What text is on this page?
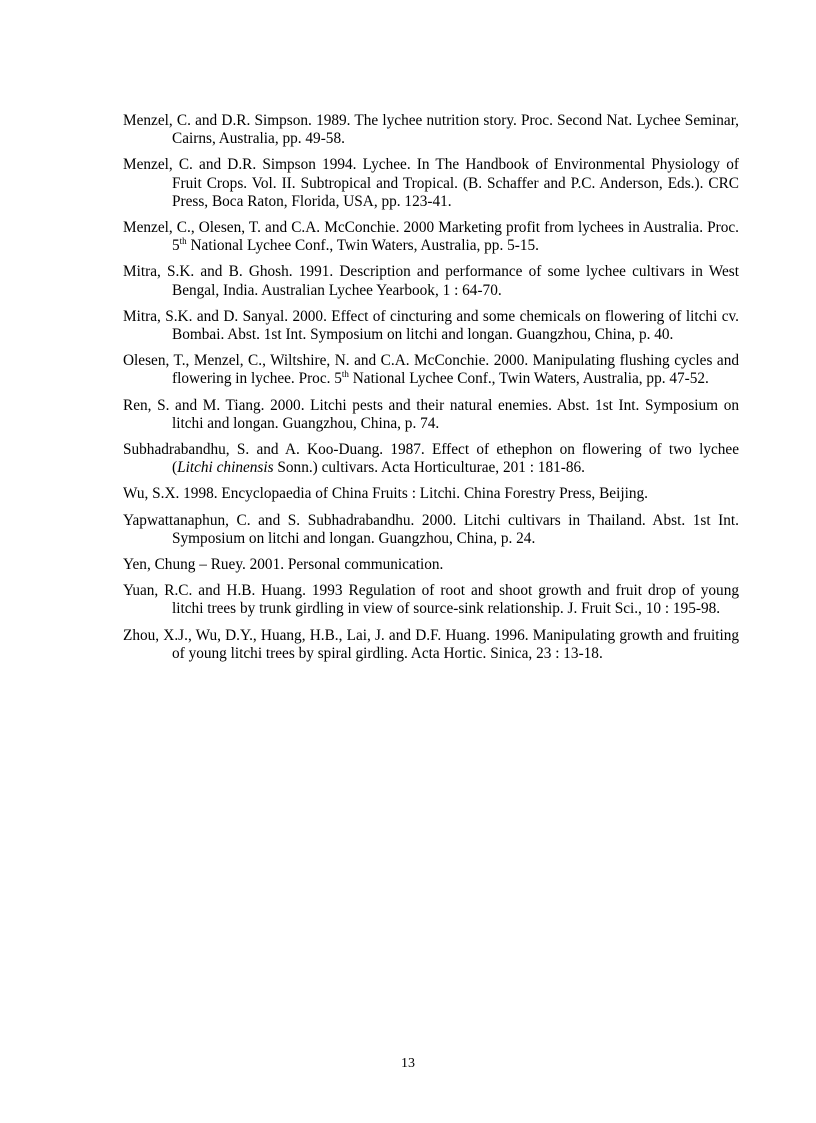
Menzel, C. and D.R. Simpson. 1989. The lychee nutrition story. Proc. Second Nat. Lychee Seminar, Cairns, Australia, pp. 49-58.
Menzel, C. and D.R. Simpson 1994. Lychee. In The Handbook of Environmental Physiology of Fruit Crops. Vol. II. Subtropical and Tropical. (B. Schaffer and P.C. Anderson, Eds.). CRC Press, Boca Raton, Florida, USA, pp. 123-41.
Menzel, C., Olesen, T. and C.A. McConchie. 2000 Marketing profit from lychees in Australia. Proc. 5th National Lychee Conf., Twin Waters, Australia, pp. 5-15.
Mitra, S.K. and B. Ghosh. 1991. Description and performance of some lychee cultivars in West Bengal, India. Australian Lychee Yearbook, 1 : 64-70.
Mitra, S.K. and D. Sanyal. 2000. Effect of cincturing and some chemicals on flowering of litchi cv. Bombai. Abst. 1st Int. Symposium on litchi and longan. Guangzhou, China, p. 40.
Olesen, T., Menzel, C., Wiltshire, N. and C.A. McConchie. 2000. Manipulating flushing cycles and flowering in lychee. Proc. 5th National Lychee Conf., Twin Waters, Australia, pp. 47-52.
Ren, S. and M. Tiang. 2000. Litchi pests and their natural enemies. Abst. 1st Int. Symposium on litchi and longan. Guangzhou, China, p. 74.
Subhadrabandhu, S. and A. Koo-Duang. 1987. Effect of ethephon on flowering of two lychee (Litchi chinensis Sonn.) cultivars. Acta Horticulturae, 201 : 181-86.
Wu, S.X. 1998. Encyclopaedia of China Fruits : Litchi. China Forestry Press, Beijing.
Yapwattanaphun, C. and S. Subhadrabandhu. 2000. Litchi cultivars in Thailand. Abst. 1st Int. Symposium on litchi and longan. Guangzhou, China, p. 24.
Yen, Chung – Ruey. 2001. Personal communication.
Yuan, R.C. and H.B. Huang. 1993 Regulation of root and shoot growth and fruit drop of young litchi trees by trunk girdling in view of source-sink relationship. J. Fruit Sci., 10 : 195-98.
Zhou, X.J., Wu, D.Y., Huang, H.B., Lai, J. and D.F. Huang. 1996. Manipulating growth and fruiting of young litchi trees by spiral girdling. Acta Hortic. Sinica, 23 : 13-18.
13
